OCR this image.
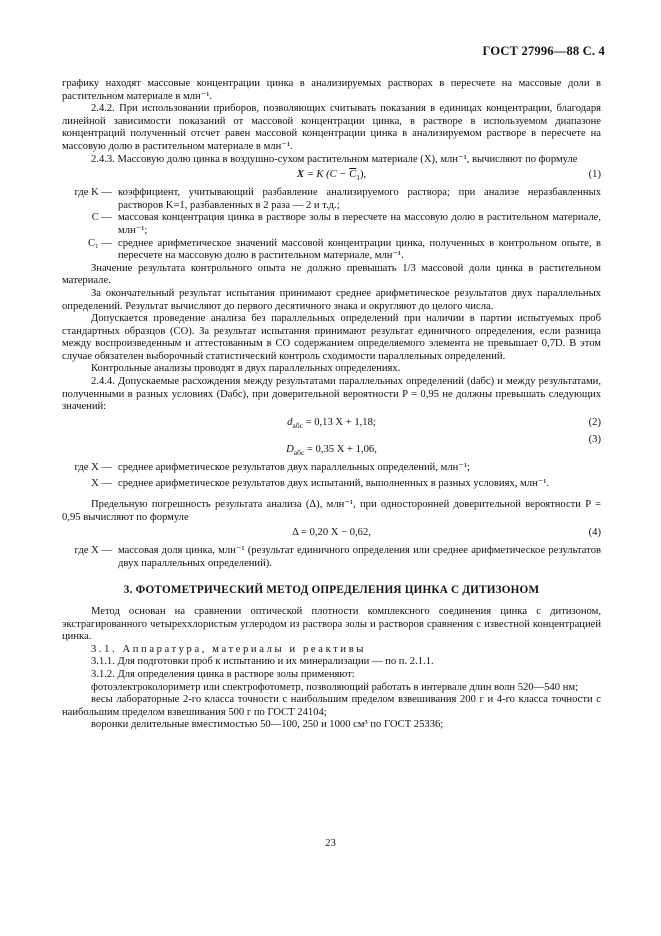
ГОСТ 27996—88 С. 4

графику находят массовые концентрации цинка в анализируемых растворах в пересчете на массовые доли в растительном материале в млн⁻¹.

2.4.2. При использовании приборов, позволяющих считывать показания в единицах концентрации, благодаря линейной зависимости показаний от массовой концентрации цинка, в растворе в используемом диапазоне концентраций полученный отсчет равен массовой концентрации цинка в анализируемом растворе в пересчете на массовую долю в растительном материале в млн⁻¹.

2.4.3. Массовую долю цинка в воздушно-сухом растительном материале (X), млн⁻¹, вычисляют по формуле

X = K $(C - \overline{C}_1)$,	(1)
где K — коэффициент, учитывающий разбавление анализируемого раствора; при анализе неразбавленных растворов K=1, разбавленных в 2 раза — 2 и т.д.;
C — массовая концентрация цинка в растворе золы в пересчете на массовую долю в растительном материале, млн⁻¹;
C₁ — среднее арифметическое значений массовой концентрации цинка, полученных в контрольном опыте, в пересчете на массовую долю в растительном материале, млн⁻¹.

Значение результата контрольного опыта не должно превышать 1/3 массовой доли цинка в растительном материале.

За окончательный результат испытания принимают среднее арифметическое результатов двух параллельных определений. Результат вычисляют до первого десятичного знака и округляют до целого числа.

Допускается проведение анализа без параллельных определений при наличии в партии испытуемых проб стандартных образцов (СО). За результат испытания принимают результат единичного определения, если разница между воспроизведенным и аттестованным в СО содержанием определяемого элемента не превышает 0,7D. В этом случае обязателен выборочный статистический контроль сходимости параллельных определений.

Контрольные анализы проводят в двух параллельных определениях.

2.4.4. Допускаемые расхождения между результатами параллельных определений (dабс) и между результатами, полученными в разных условиях (Dабс), при доверительной вероятности P = 0,95 не должны превышать следующих значений:

$d_{абс} = 0,13$ X + 1,18;	(2)
$D_{абс} = 0,35$ X + 1,06,
(3)
где X — среднее арифметическое результатов двух параллельных определений, млн⁻¹;
X — среднее арифметическое результатов двух испытаний, выполненных в разных условиях, млн⁻¹.

Предельную погрешность результата анализа (Δ), млн⁻¹, при односторонней доверительной вероятности P = 0,95 вычисляют по формуле

Δ = 0,20 X − 0,62,	(4)
где X — массовая доля цинка, млн⁻¹ (результат единичного определения или среднее арифметическое результатов двух параллельных определений).
3. ФОТОМЕТРИЧЕСКИЙ МЕТОД ОПРЕДЕЛЕНИЯ ЦИНКА С ДИТИЗОНОМ

Метод основан на сравнении оптической плотности комплексного соединения цинка с дитизоном, экстрагированного четыреххлористым углеродом из раствора золы и растворов сравнения с известной концентрацией цинка.

3.1. Аппаратура, материалы и реактивы

3.1.1. Для подготовки проб к испытанию и их минерализации — по п. 2.1.1.

3.1.2. Для определения цинка в растворе золы применяют:

фотоэлектроколориметр или спектрофотометр, позволяющий работать в интервале длин волн 520—540 нм;

весы лабораторные 2-го класса точности с наибольшим пределом взвешивания 200 г и 4-го класса точности с наибольшим пределом взвешивания 500 г по ГОСТ 24104;

воронки делительные вместимостью 50—100, 250 и 1000 см³ по ГОСТ 25336;

23
